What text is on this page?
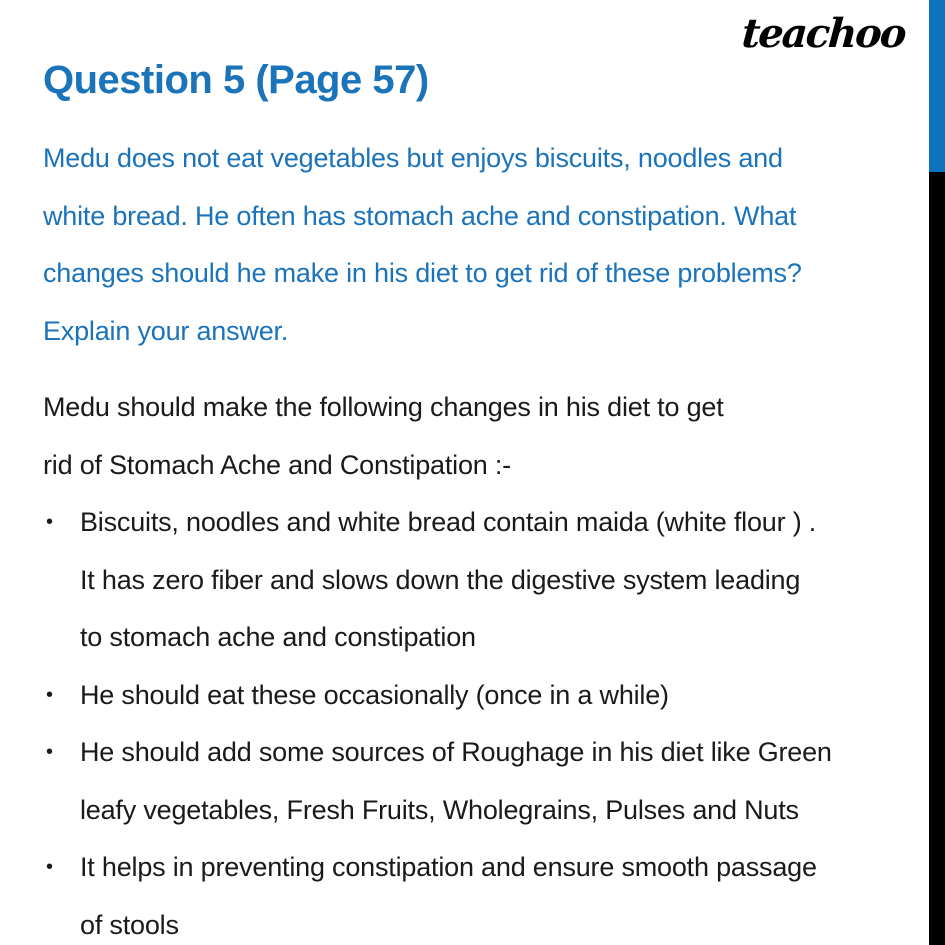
teachoo
Question 5 (Page 57)
Medu does not eat vegetables but enjoys biscuits, noodles and
white bread. He often has stomach ache and constipation. What
changes should he make in his diet to get rid of these problems?
Explain your answer.
Medu should make the following changes in his diet to get
rid of Stomach Ache and Constipation :-
• Biscuits, noodles and white bread contain maida (white flour ) .
It has zero fiber and slows down the digestive system leading
to stomach ache and constipation
• He should eat these occasionally (once in a while)
• He should add some sources of Roughage in his diet like Green
leafy vegetables, Fresh Fruits, Wholegrains, Pulses and Nuts
• It helps in preventing constipation and ensure smooth passage
of stools
